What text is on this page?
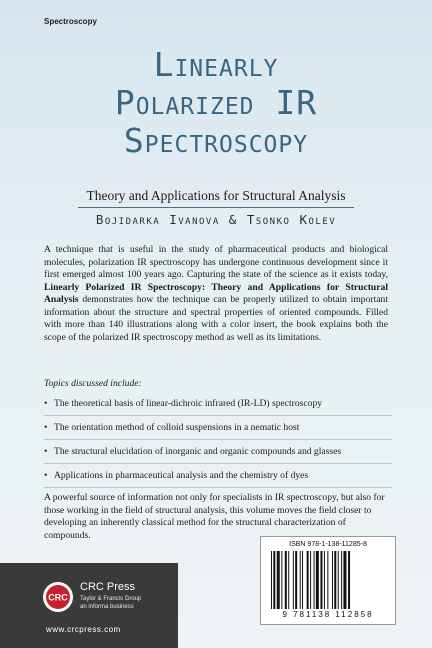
Spectroscopy
Linearly
Polarized IR
Spectroscopy
Theory and Applications for Structural Analysis
Bojidarka Ivanova & Tsonko Kolev
A technique that is useful in the study of pharmaceutical products and biological molecules, polarization IR spectroscopy has undergone continuous development since it first emerged almost 100 years ago. Capturing the state of the science as it exists today, Linearly Polarized IR Spectroscopy: Theory and Applications for Structural Analysis demonstrates how the technique can be properly utilized to obtain important information about the structure and spectral properties of oriented compounds. Filled with more than 140 illustrations along with a color insert, the book explains both the scope of the polarized IR spectroscopy method as well as its limitations.
Topics discussed include:
• The theoretical basis of linear-dichroic infrared (IR-LD) spectroscopy
• The orientation method of colloid suspensions in a nematic host
• The structural elucidation of inorganic and organic compounds and glasses
• Applications in pharmaceutical analysis and the chemistry of dyes
A powerful source of information not only for specialists in IR spectroscopy, but also for those working in the field of structural analysis, this volume moves the field closer to developing an inherently classical method for the structural characterization of compounds.
CRC
CRC Press
Taylor & Francis Group
an informa business
www.crcpress.com
ISBN 978-1-138-11285-8
9 781138 112858
